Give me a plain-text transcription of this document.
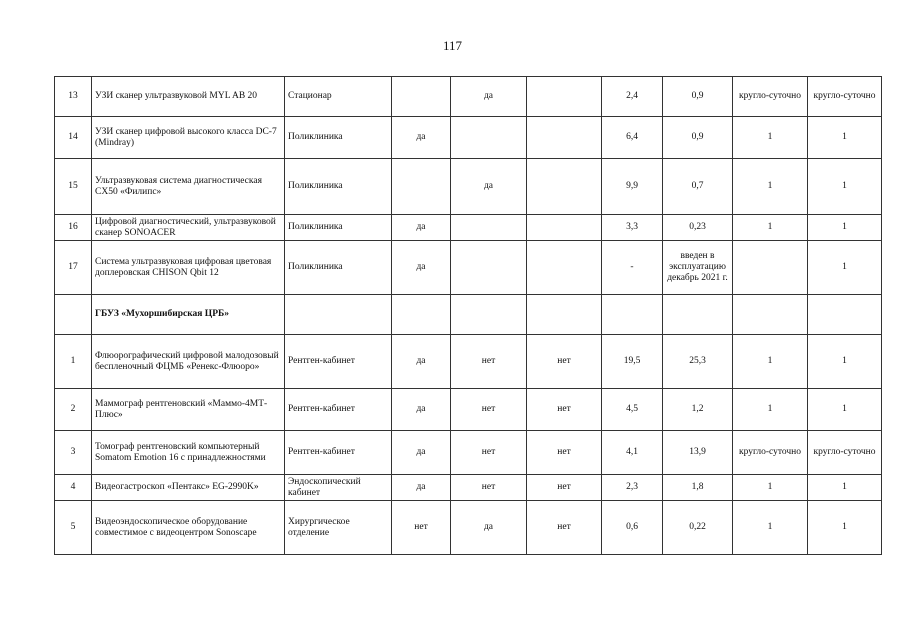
117
13	УЗИ сканер ультразвуковой MYL AB 20	Стационар		да		2,4	0,9	кругло-суточно	кругло-суточно
14	УЗИ сканер цифровой высокого класса DC-7 (Mindray)	Поликлиника	да			6,4	0,9	1	1
15	Ультразвуковая система диагностическая CX50 «Филипс»	Поликлиника		да		9,9	0,7	1	1
16	Цифровой диагностический, ультразвуковой сканер SONOACER	Поликлиника	да			3,3	0,23	1	1
17	Система ультразвуковая цифровая цветовая доплеровская CHISON Qbit 12	Поликлиника	да			-	введен в эксплуатацию декабрь 2021 г.		1
	ГБУЗ «Мухоршибирская ЦРБ»								
1	Флюорографический цифровой малодозовый беспленочный ФЦМБ «Ренекс-Флюоро»	Рентген-кабинет	да	нет	нет	19,5	25,3	1	1
2	Маммограф рентгеновский «Маммо-4МТ-Плюс»	Рентген-кабинет	да	нет	нет	4,5	1,2	1	1
3	Томограф рентгеновский компьютерный Somatom Emotion 16 с принадлежностями	Рентген-кабинет	да	нет	нет	4,1	13,9	кругло-суточно	кругло-суточно
4	Видеогастроскоп «Пентакс» EG-2990K»	Эндоскопический кабинет	да	нет	нет	2,3	1,8	1	1
5	Видеоэндоскопическое оборудование совместимое с видеоцентром Sonoscape	Хирургическое отделение	нет	да	нет	0,6	0,22	1	1
